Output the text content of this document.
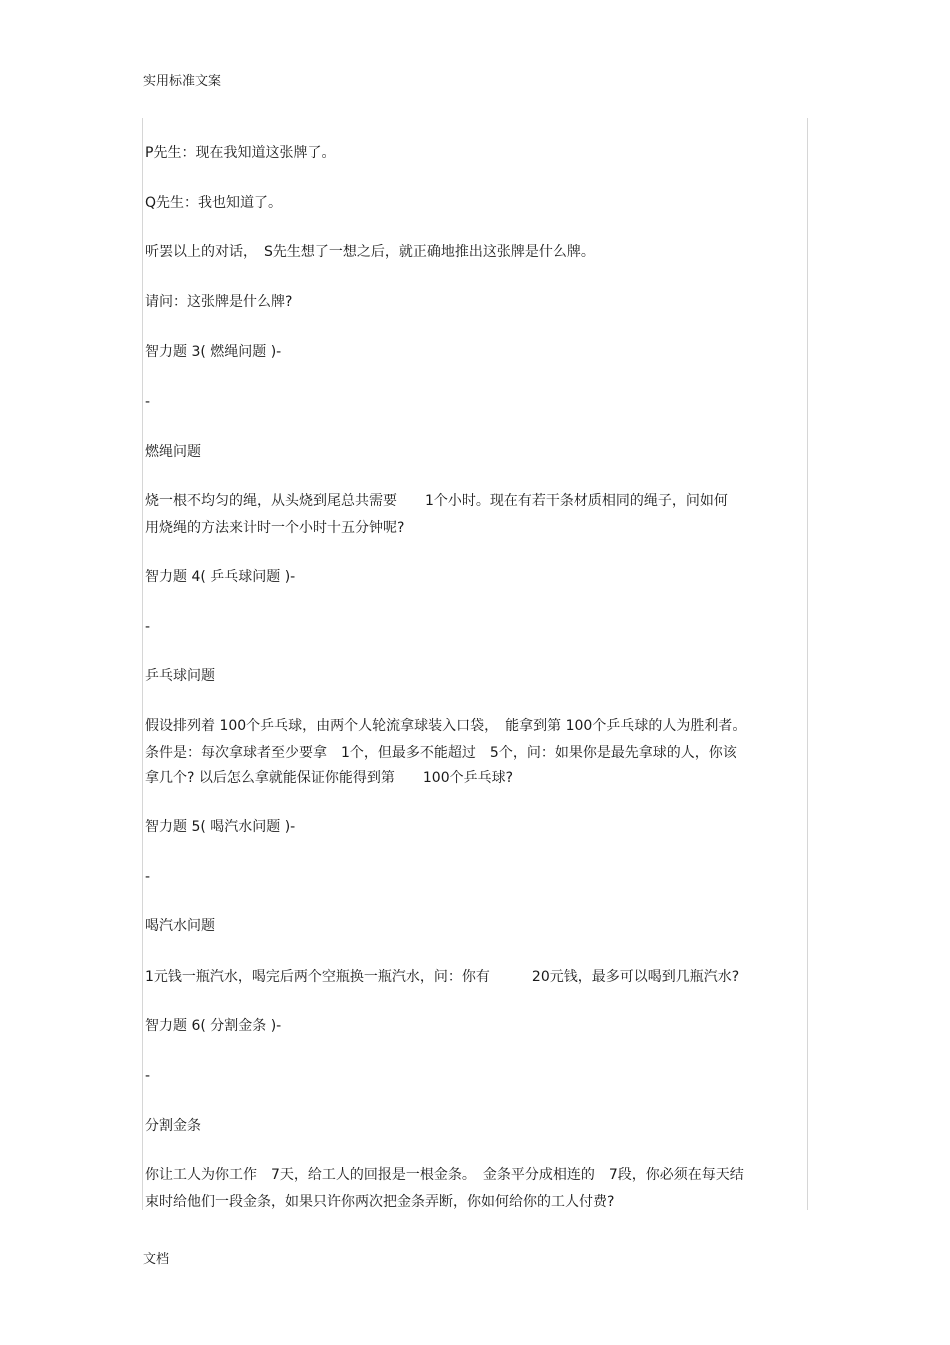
实用标准文案
P先生：现在我知道这张牌了。
Q先生：我也知道了。
听罢以上的对话，　S先生想了一想之后，就正确地推出这张牌是什么牌。
请问：这张牌是什么牌?
智力题 3( 燃绳问题 )-
-
燃绳问题
烧一根不均匀的绳，从头烧到尾总共需要　　1个小时。现在有若干条材质相同的绳子，问如何
用烧绳的方法来计时一个小时十五分钟呢?
智力题 4( 乒乓球问题 )-
-
乒乓球问题
假设排列着 100个乒乓球，由两个人轮流拿球装入口袋，　能拿到第 100个乒乓球的人为胜利者。
条件是：每次拿球者至少要拿　1个，但最多不能超过　5个，问：如果你是最先拿球的人，你该
拿几个? 以后怎么拿就能保证你能得到第　　100个乒乓球?
智力题 5( 喝汽水问题 )-
-
喝汽水问题
1元钱一瓶汽水，喝完后两个空瓶换一瓶汽水，问：你有　　　20元钱，最多可以喝到几瓶汽水?
智力题 6( 分割金条 )-
-
分割金条
你让工人为你工作　7天，给工人的回报是一根金条。　金条平分成相连的　7段，你必须在每天结
束时给他们一段金条，如果只许你两次把金条弄断，你如何给你的工人付费?
文档
